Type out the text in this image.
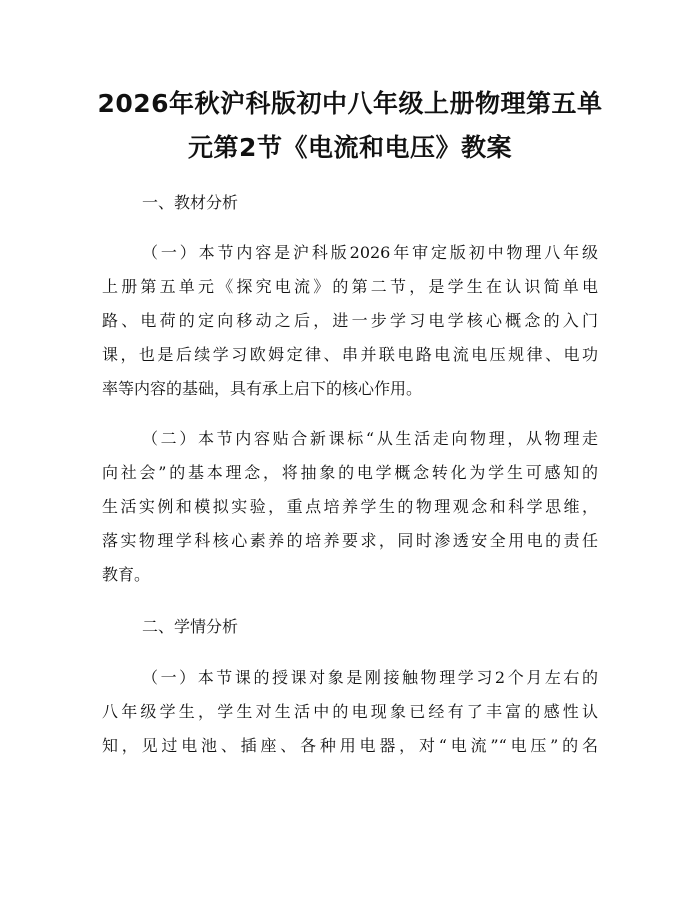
2026年秋沪科版初中八年级上册物理第五单
元第2节《电流和电压》教案
一、教材分析
（一）本节内容是沪科版2026年审定版初中物理八年级
上册第五单元《探究电流》的第二节，是学生在认识简单电
路、电荷的定向移动之后，进一步学习电学核心概念的入门
课，也是后续学习欧姆定律、串并联电路电流电压规律、电功
率等内容的基础，具有承上启下的核心作用。
（二）本节内容贴合新课标“从生活走向物理，从物理走
向社会”的基本理念，将抽象的电学概念转化为学生可感知的
生活实例和模拟实验，重点培养学生的物理观念和科学思维，
落实物理学科核心素养的培养要求，同时渗透安全用电的责任
教育。
二、学情分析
（一）本节课的授课对象是刚接触物理学习2个月左右的
八年级学生，学生对生活中的电现象已经有了丰富的感性认
知，见过电池、插座、各种用电器，对“电流”“电压”的名
